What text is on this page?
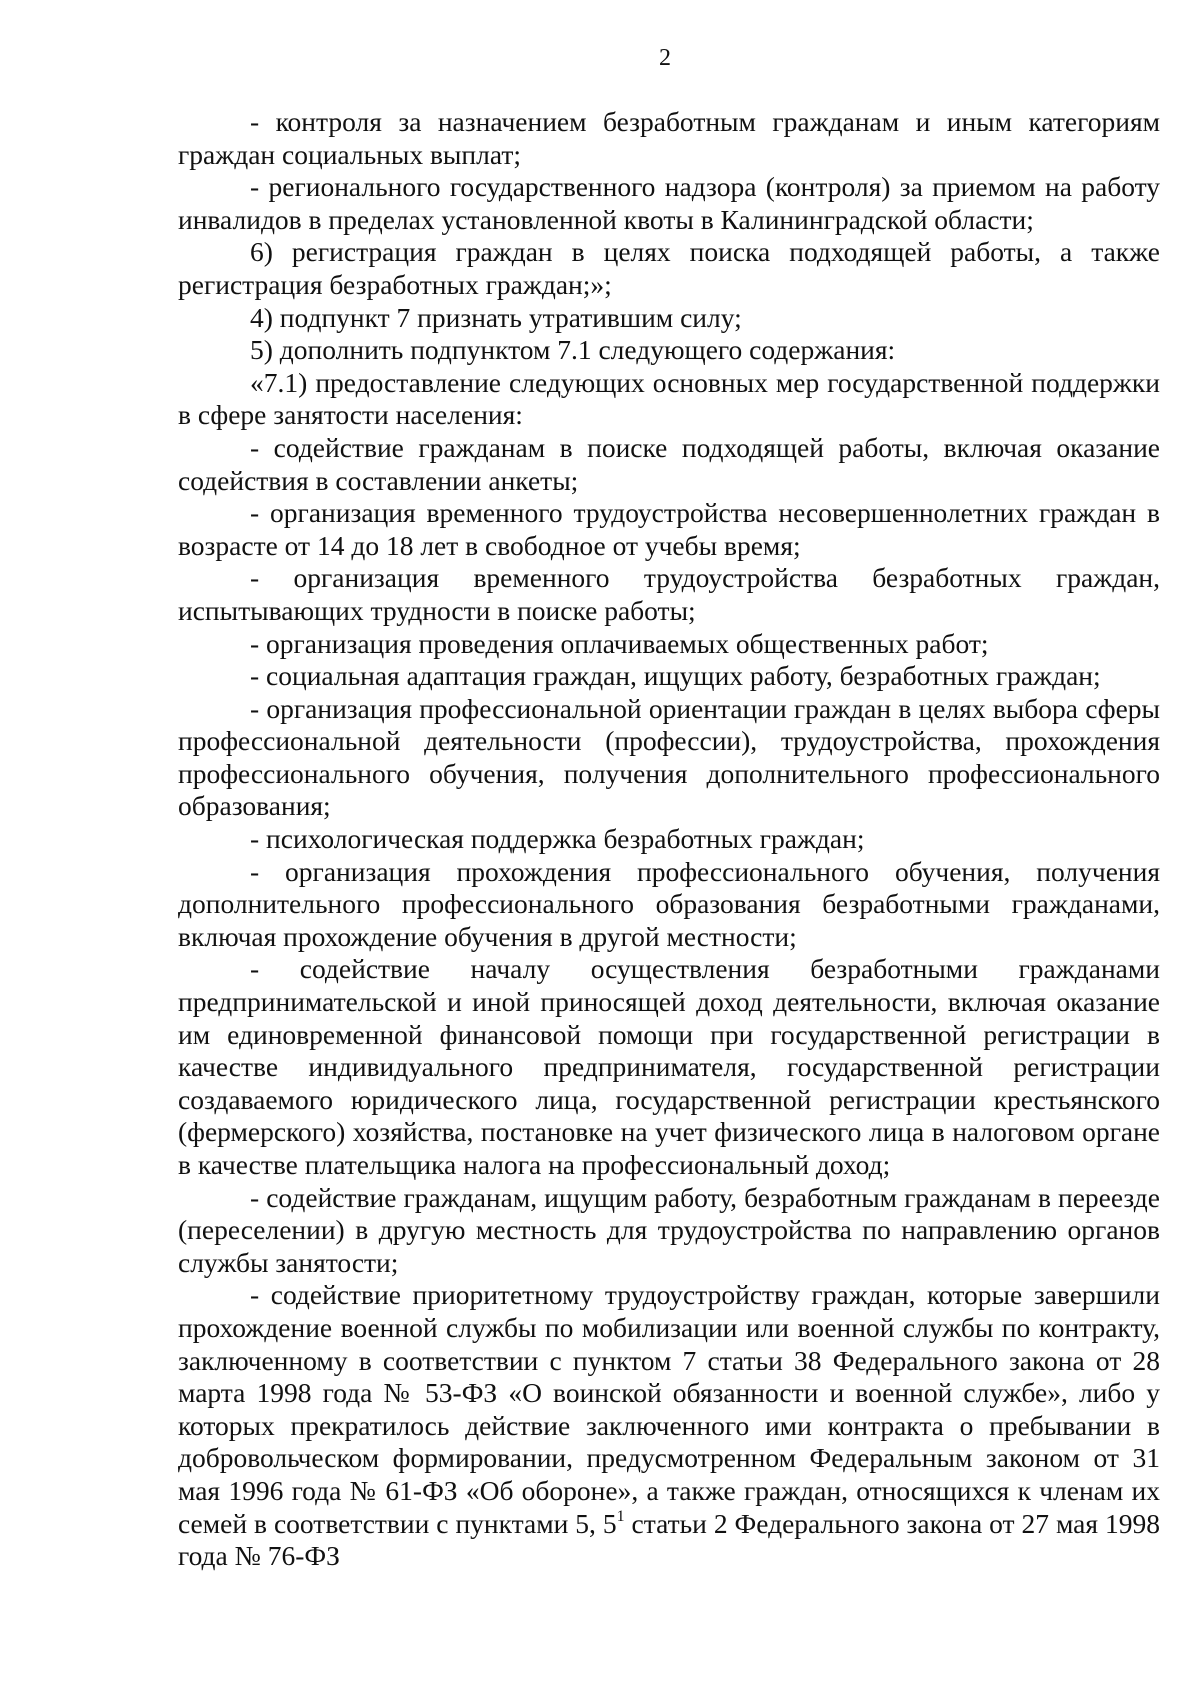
2

- контроля за назначением безработным гражданам и иным категориям граждан социальных выплат;

- регионального государственного надзора (контроля) за приемом на работу инвалидов в пределах установленной квоты в Калининградской области;

6) регистрация граждан в целях поиска подходящей работы, а также регистрация безработных граждан;»;

4) подпункт 7 признать утратившим силу;

5) дополнить подпунктом 7.1 следующего содержания:

«7.1) предоставление следующих основных мер государственной поддержки в сфере занятости населения:

- содействие гражданам в поиске подходящей работы, включая оказание содействия в составлении анкеты;

- организация временного трудоустройства несовершеннолетних граждан в возрасте от 14 до 18 лет в свободное от учебы время;

- организация временного трудоустройства безработных граждан, испытывающих трудности в поиске работы;

- организация проведения оплачиваемых общественных работ;

- социальная адаптация граждан, ищущих работу, безработных граждан;

- организация профессиональной ориентации граждан в целях выбора сферы профессиональной деятельности (профессии), трудоустройства, прохождения профессионального обучения, получения дополнительного профессионального образования;

- психологическая поддержка безработных граждан;

- организация прохождения профессионального обучения, получения дополнительного профессионального образования безработными гражданами, включая прохождение обучения в другой местности;

- содействие началу осуществления безработными гражданами предпринимательской и иной приносящей доход деятельности, включая оказание им единовременной финансовой помощи при государственной регистрации в качестве индивидуального предпринимателя, государственной регистрации создаваемого юридического лица, государственной регистрации крестьянского (фермерского) хозяйства, постановке на учет физического лица в налоговом органе в качестве плательщика налога на профессиональный доход;

- содействие гражданам, ищущим работу, безработным гражданам в переезде (переселении) в другую местность для трудоустройства по направлению органов службы занятости;

- содействие приоритетному трудоустройству граждан, которые завершили прохождение военной службы по мобилизации или военной службы по контракту, заключенному в соответствии с пунктом 7 статьи 38 Федерального закона от 28 марта 1998 года № 53-ФЗ «О воинской обязанности и военной службе», либо у которых прекратилось действие заключенного ими контракта о пребывании в добровольческом формировании, предусмотренном Федеральным законом от 31 мая 1996 года № 61-ФЗ «Об обороне», а также граждан, относящихся к членам их семей в соответствии с пунктами 5, $5^1$ статьи 2 Федерального закона от 27 мая 1998 года № 76-ФЗ
